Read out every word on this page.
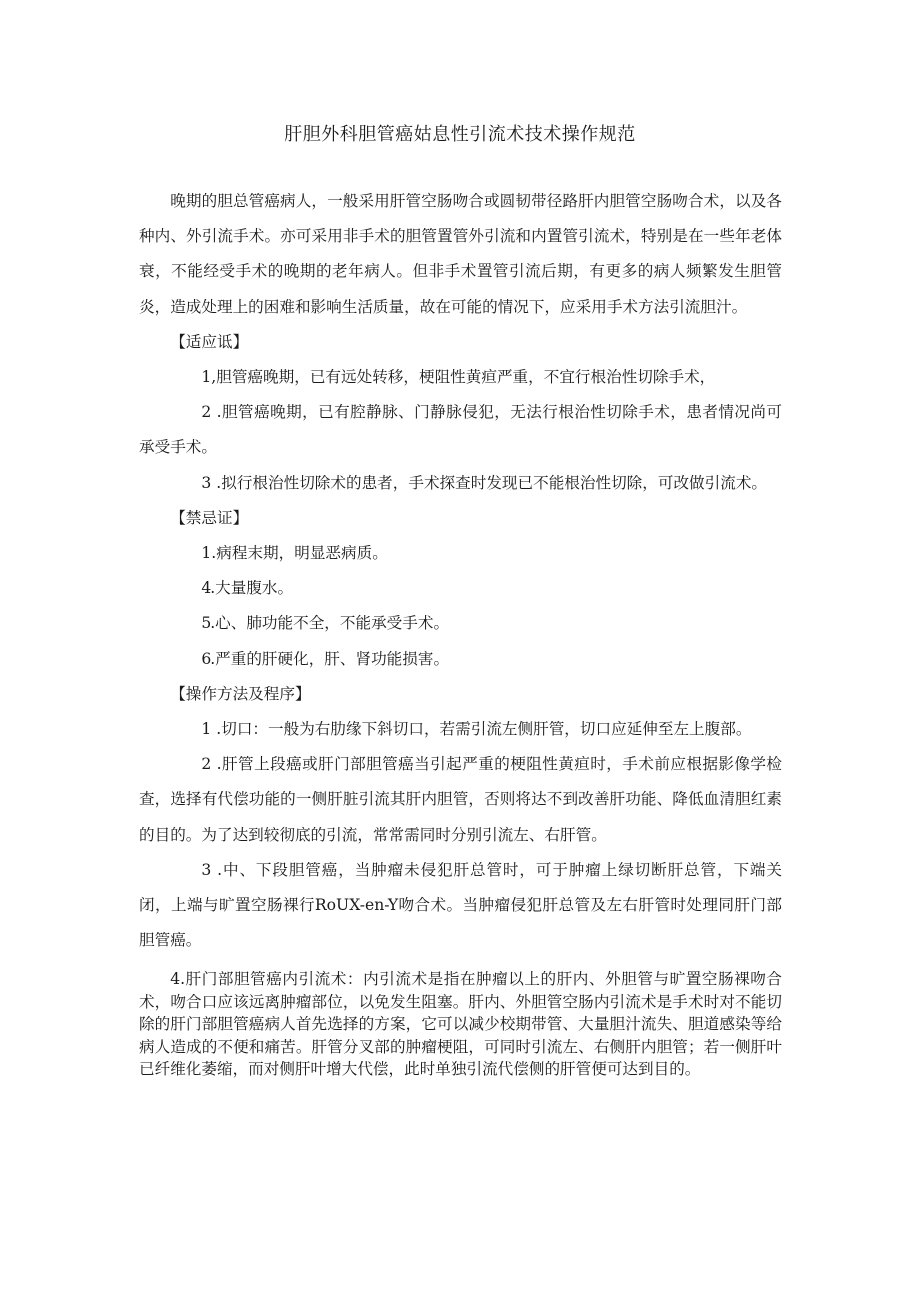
肝胆外科胆管癌姑息性引流术技术操作规范

晚期的胆总管癌病人，一般采用肝管空肠吻合或圆韧带径路肝内胆管空肠吻合术，以及各种内、外引流手术。亦可采用非手术的胆管置管外引流和内置管引流术，特别是在一些年老体衰，不能经受手术的晚期的老年病人。但非手术置管引流后期，有更多的病人频繁发生胆管炎，造成处理上的困难和影响生活质量，故在可能的情况下，应采用手术方法引流胆汁。

【适应诋】

1,胆管癌晚期，已有远处转移，梗阻性黄疸严重，不宜行根治性切除手术，

2 .胆管癌晚期，已有腔静脉、门静脉侵犯，无法行根治性切除手术，患者情况尚可承受手术。

3 .拟行根治性切除术的患者，手术探查时发现已不能根治性切除，可改做引流术。

【禁忌证】

1.病程末期，明显恶病质。

4.大量腹水。

5.心、肺功能不全，不能承受手术。

6.严重的肝硬化，肝、肾功能损害。

【操作方法及程序】

1 .切口：一般为右肋缘下斜切口，若需引流左侧肝管，切口应延伸至左上腹部。

2 .肝管上段癌或肝门部胆管癌当引起严重的梗阻性黄疸时，手术前应根据影像学检查，选择有代偿功能的一侧肝脏引流其肝内胆管，否则将达不到改善肝功能、降低血清胆红素的目的。为了达到较彻底的引流，常常需同时分别引流左、右肝管。

3 .中、下段胆管癌，当肿瘤未侵犯肝总管时，可于肿瘤上绿切断肝总管，下端关闭，上端与旷置空肠裸行RoUX-en-Y吻合术。当肿瘤侵犯肝总管及左右肝管时处理同肝门部胆管癌。

4.肝门部胆管癌内引流术：内引流术是指在肿瘤以上的肝内、外胆管与旷置空肠裸吻合术，吻合口应该远离肿瘤部位，以免发生阻塞。肝内、外胆管空肠内引流术是手术时对不能切除的肝门部胆管癌病人首先选择的方案，它可以减少校期带管、大量胆汁流失、胆道感染等给病人造成的不便和痛苦。肝管分叉部的肿瘤梗阻，可同时引流左、右侧肝内胆管；若一侧肝叶已纤维化萎缩，而对侧肝叶增大代偿，此时单独引流代偿侧的肝管便可达到目的。
